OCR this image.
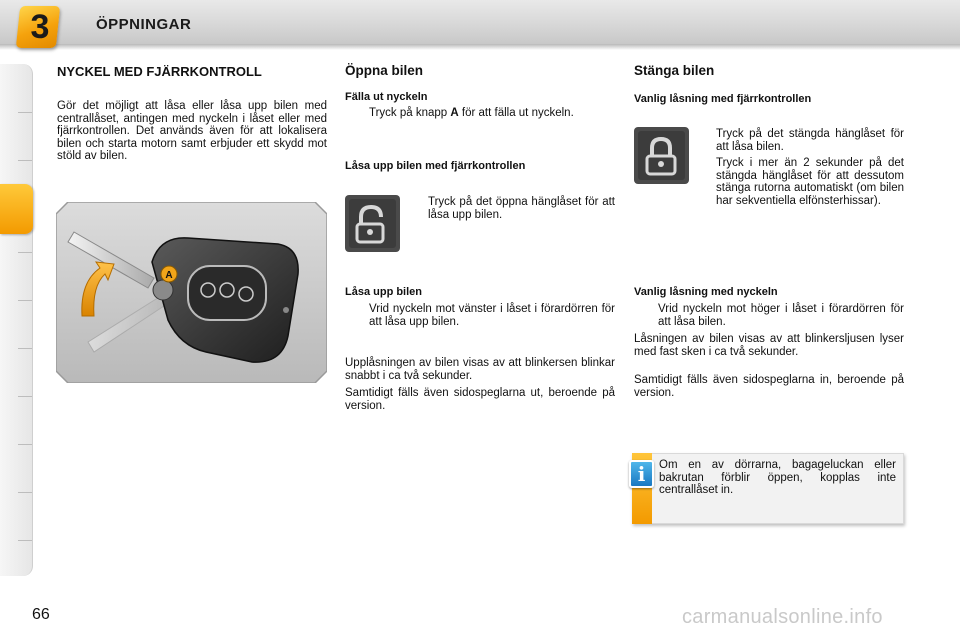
3	ÖPPNINGAR
NYCKEL MED FJÄRRKONTROLL
Gör det möjligt att låsa eller låsa upp bilen med centrallåset, antingen med nyckeln i låset eller med fjärrkontrollen. Det används även för att lokalisera bilen och starta motorn samt erbjuder ett skydd mot stöld av bilen.
A
Öppna bilen
Fälla ut nyckeln
Tryck på knapp A för att fälla ut nyckeln.
Låsa upp bilen med fjärrkontrollen
Tryck på det öppna hänglåset för att låsa upp bilen.
Låsa upp bilen
Vrid nyckeln mot vänster i låset i förardörren för att låsa upp bilen.
Upplåsningen av bilen visas av att blinkersen blinkar snabbt i ca två sekunder.
Samtidigt fälls även sidospeglarna ut, beroende på version.
Stänga bilen
Vanlig låsning med fjärrkontrollen
Tryck på det stängda hänglåset för att låsa bilen.
Tryck i mer än 2 sekunder på det stängda hänglåset för att dessutom stänga rutorna automatiskt (om bilen har sekventiella elfönsterhissar).
Vanlig låsning med nyckeln
Vrid nyckeln mot höger i låset i förardörren för att låsa bilen.
Låsningen av bilen visas av att blinkersljusen lyser med fast sken i ca två sekunder.
Samtidigt fälls även sidospeglarna in, beroende på version.
i	Om en av dörrarna, bagageluckan eller bakrutan förblir öppen, kopplas inte centrallåset in.
66	carmanualsonline.info
